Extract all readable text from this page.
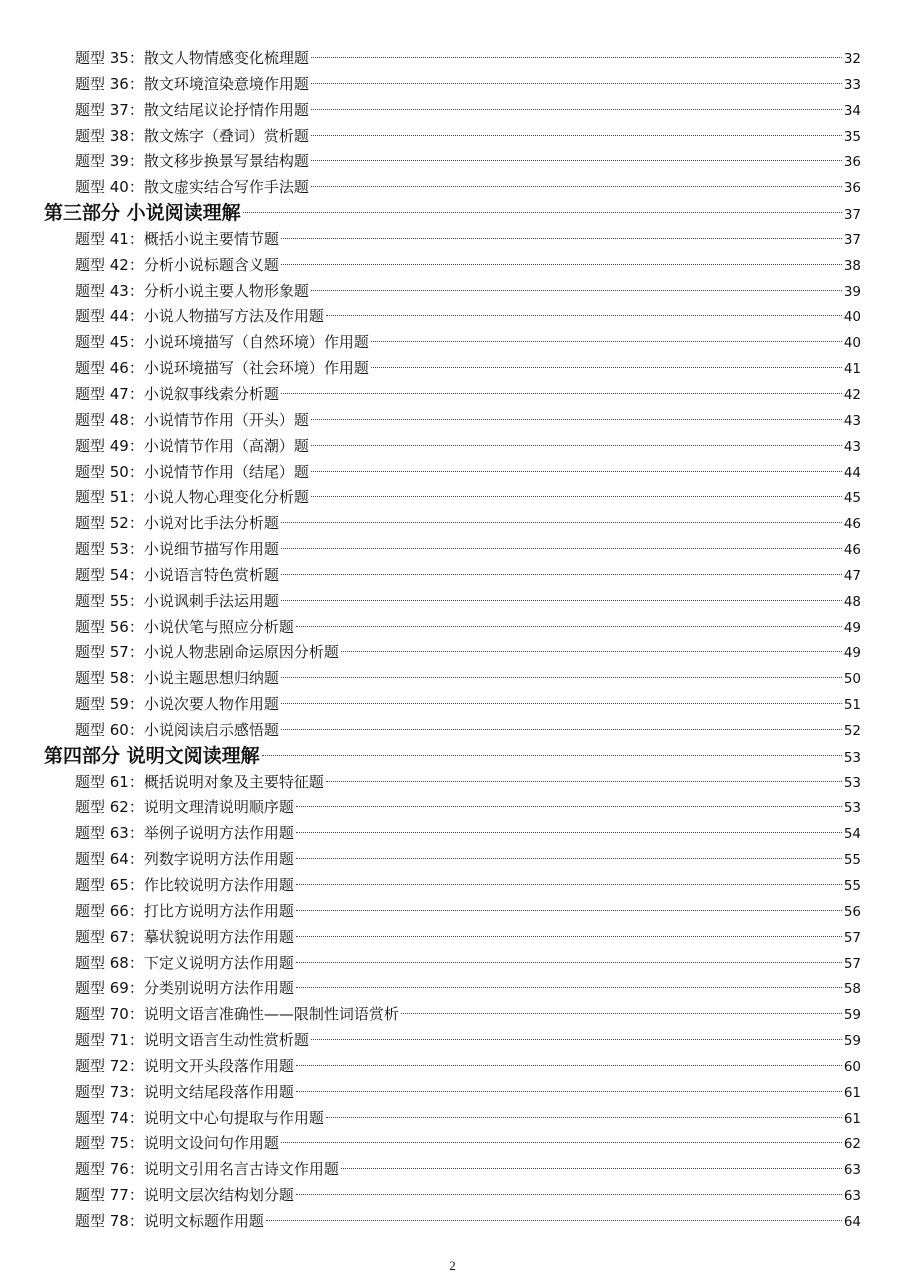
题型 35：散文人物情感变化梳理题	32
题型 36：散文环境渲染意境作用题	33
题型 37：散文结尾议论抒情作用题	34
题型 38：散文炼字（叠词）赏析题	35
题型 39：散文移步换景写景结构题	36
题型 40：散文虚实结合写作手法题	36
第三部分 小说阅读理解	37
题型 41：概括小说主要情节题	37
题型 42：分析小说标题含义题	38
题型 43：分析小说主要人物形象题	39
题型 44：小说人物描写方法及作用题	40
题型 45：小说环境描写（自然环境）作用题	40
题型 46：小说环境描写（社会环境）作用题	41
题型 47：小说叙事线索分析题	42
题型 48：小说情节作用（开头）题	43
题型 49：小说情节作用（高潮）题	43
题型 50：小说情节作用（结尾）题	44
题型 51：小说人物心理变化分析题	45
题型 52：小说对比手法分析题	46
题型 53：小说细节描写作用题	46
题型 54：小说语言特色赏析题	47
题型 55：小说讽刺手法运用题	48
题型 56：小说伏笔与照应分析题	49
题型 57：小说人物悲剧命运原因分析题	49
题型 58：小说主题思想归纳题	50
题型 59：小说次要人物作用题	51
题型 60：小说阅读启示感悟题	52
第四部分 说明文阅读理解	53
题型 61：概括说明对象及主要特征题	53
题型 62：说明文理清说明顺序题	53
题型 63：举例子说明方法作用题	54
题型 64：列数字说明方法作用题	55
题型 65：作比较说明方法作用题	55
题型 66：打比方说明方法作用题	56
题型 67：摹状貌说明方法作用题	57
题型 68：下定义说明方法作用题	57
题型 69：分类别说明方法作用题	58
题型 70：说明文语言准确性——限制性词语赏析	59
题型 71：说明文语言生动性赏析题	59
题型 72：说明文开头段落作用题	60
题型 73：说明文结尾段落作用题	61
题型 74：说明文中心句提取与作用题	61
题型 75：说明文设问句作用题	62
题型 76：说明文引用名言古诗文作用题	63
题型 77：说明文层次结构划分题	63
题型 78：说明文标题作用题	64
2
